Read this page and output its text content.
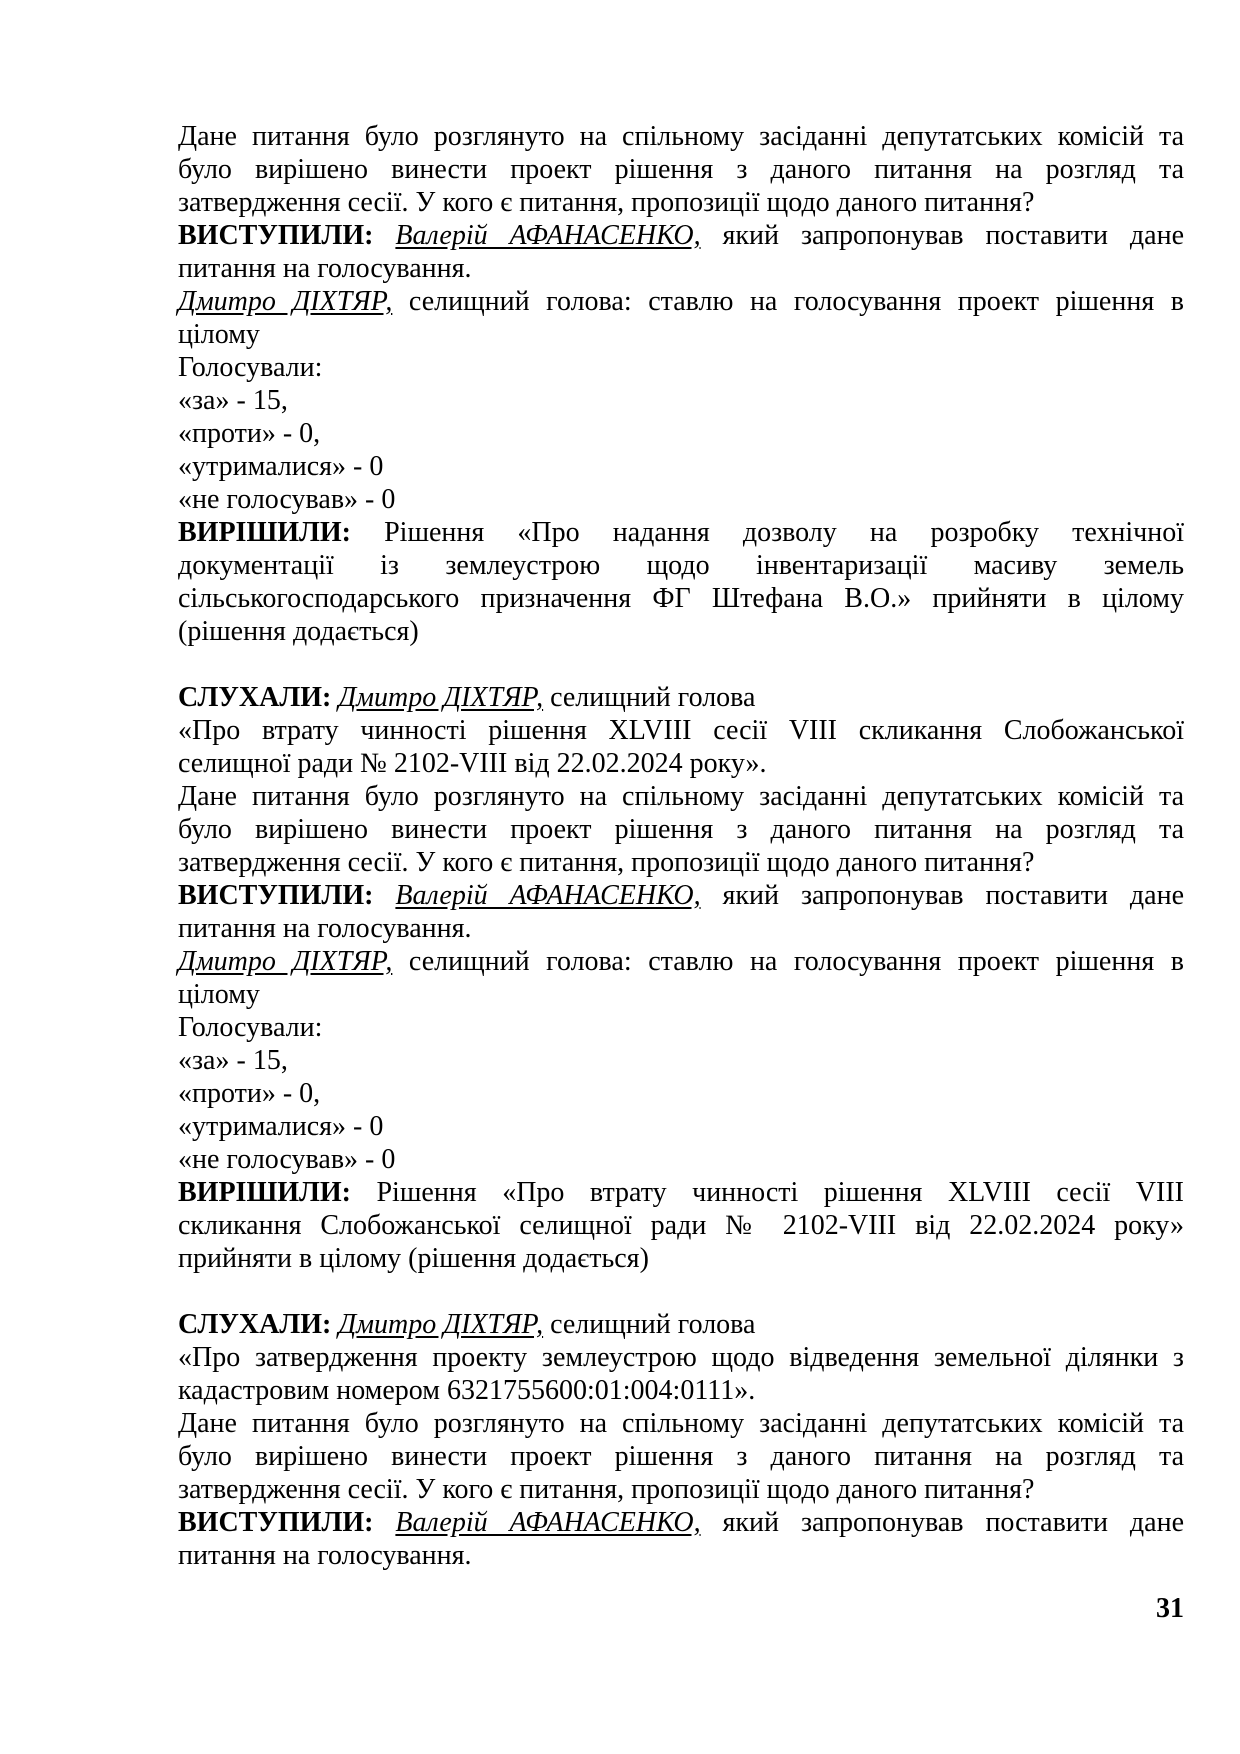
Дане питання було розглянуто на спільному засіданні депутатських комісій та
було вирішено винести проект рішення з даного питання на розгляд та
затвердження сесії. У кого є питання, пропозиції щодо даного питання?
ВИСТУПИЛИ: Валерій АФАНАСЕНКО, який запропонував поставити дане
питання на голосування.
Дмитро ДІХТЯР, селищний голова: ставлю на голосування проект рішення в
цілому
Голосували:
«за» - 15,
«проти» - 0,
«утрималися» - 0
«не голосував» - 0
ВИРІШИЛИ: Рішення «Про надання дозволу на розробку технічної
документації із землеустрою щодо інвентаризації масиву земель
сільськогосподарського призначення ФГ Штефана В.О.» прийняти в цілому
(рішення додається)
СЛУХАЛИ: Дмитро ДІХТЯР, селищний голова
«Про втрату чинності рішення XLVIII сесії VIII скликання Слобожанської
селищної ради № 2102-VIII від 22.02.2024 року».
Дане питання було розглянуто на спільному засіданні депутатських комісій та
було вирішено винести проект рішення з даного питання на розгляд та
затвердження сесії. У кого є питання, пропозиції щодо даного питання?
ВИСТУПИЛИ: Валерій АФАНАСЕНКО, який запропонував поставити дане
питання на голосування.
Дмитро ДІХТЯР, селищний голова: ставлю на голосування проект рішення в
цілому
Голосували:
«за» - 15,
«проти» - 0,
«утрималися» - 0
«не голосував» - 0
ВИРІШИЛИ: Рішення «Про втрату чинності рішення XLVIII сесії VIII
скликання Слобожанської селищної ради № 2102-VIII від 22.02.2024 року»
прийняти в цілому (рішення додається)
СЛУХАЛИ: Дмитро ДІХТЯР, селищний голова
«Про затвердження проекту землеустрою щодо відведення земельної ділянки з
кадастровим номером 6321755600:01:004:0111».
Дане питання було розглянуто на спільному засіданні депутатських комісій та
було вирішено винести проект рішення з даного питання на розгляд та
затвердження сесії. У кого є питання, пропозиції щодо даного питання?
ВИСТУПИЛИ: Валерій АФАНАСЕНКО, який запропонував поставити дане
питання на голосування.
31
